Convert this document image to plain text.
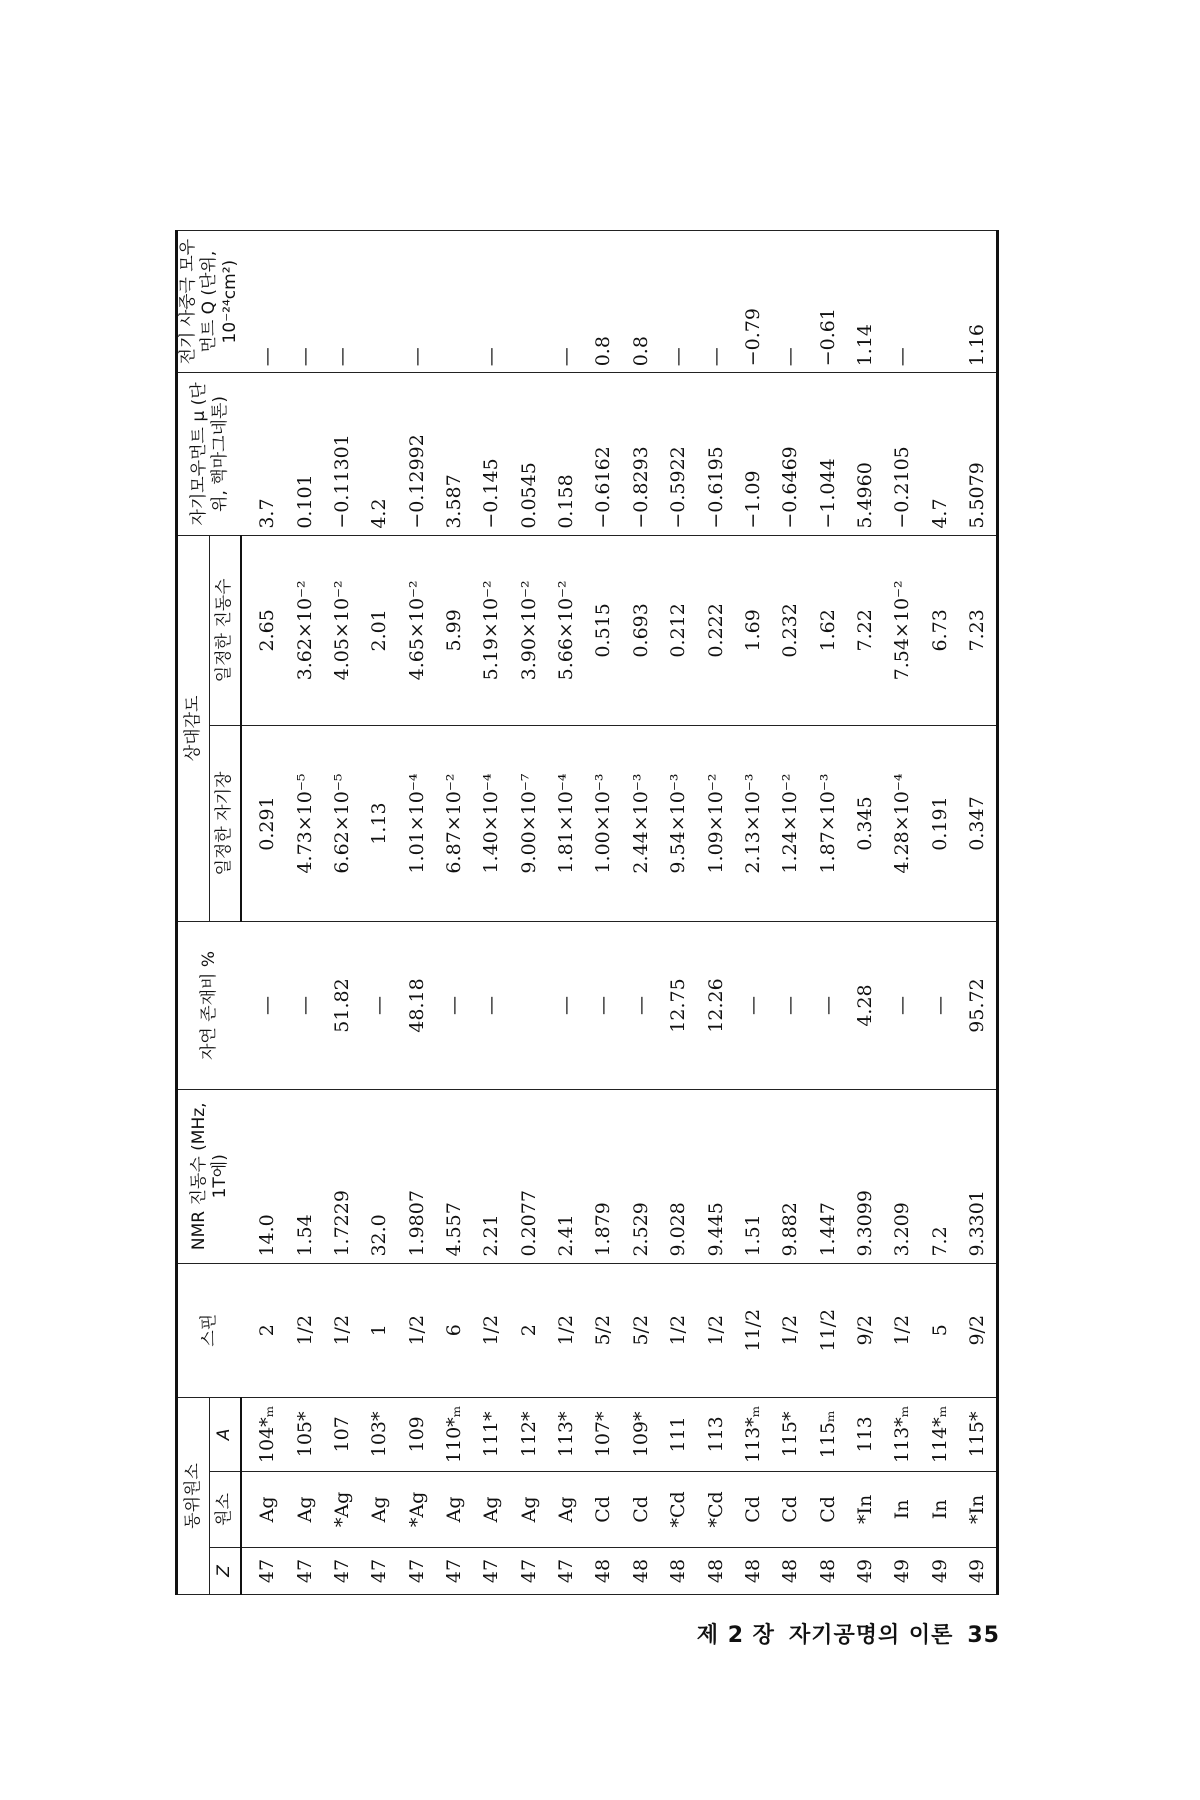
동위원소			스핀	NMR 진동수 (MHz, 1T에)	자연 존재비 %	상대감도		자기모우먼트 μ (단위, 핵마그네톤)	전기 사중극 모우먼트 Q (단위, 10⁻²⁴cm²)
Z	원소	A				일정한 자기장	일정한 진동수		
47	Ag	104*ₘ	2	14.0	—	0.291	2.65	3.7	—
47	Ag	105*	1/2	1.54	—	4.73×10⁻⁵	3.62×10⁻²	0.101	—
47	*Ag	107	1/2	1.7229	51.82	6.62×10⁻⁵	4.05×10⁻²	−0.11301	—
47	Ag	103*	1	32.0	—	1.13	2.01	4.2	
47	*Ag	109	1/2	1.9807	48.18	1.01×10⁻⁴	4.65×10⁻²	−0.12992	—
47	Ag	110*ₘ	6	4.557	—	6.87×10⁻²	5.99	3.587	
47	Ag	111*	1/2	2.21	—	1.40×10⁻⁴	5.19×10⁻²	−0.145	—
47	Ag	112*	2	0.2077		9.00×10⁻⁷	3.90×10⁻²	0.0545	
47	Ag	113*	1/2	2.41	—	1.81×10⁻⁴	5.66×10⁻²	0.158	—
48	Cd	107*	5/2	1.879	—	1.00×10⁻³	0.515	−0.6162	0.8
48	Cd	109*	5/2	2.529	—	2.44×10⁻³	0.693	−0.8293	0.8
48	*Cd	111	1/2	9.028	12.75	9.54×10⁻³	0.212	−0.5922	—
48	*Cd	113	1/2	9.445	12.26	1.09×10⁻²	0.222	−0.6195	—
48	Cd	113*ₘ	11/2	1.51	—	2.13×10⁻³	1.69	−1.09	−0.79
48	Cd	115*	1/2	9.882	—	1.24×10⁻²	0.232	−0.6469	—
48	Cd	115ₘ	11/2	1.447	—	1.87×10⁻³	1.62	−1.044	−0.61
49	*In	113	9/2	9.3099	4.28	0.345	7.22	5.4960	1.14
49	In	113*ₘ	1/2	3.209	—	4.28×10⁻⁴	7.54×10⁻²	−0.2105	—
49	In	114*ₘ	5	7.2	—	0.191	6.73	4.7	
49	*In	115*	9/2	9.3301	95.72	0.347	7.23	5.5079	1.16
제 2 장 자기공명의 이론 35
